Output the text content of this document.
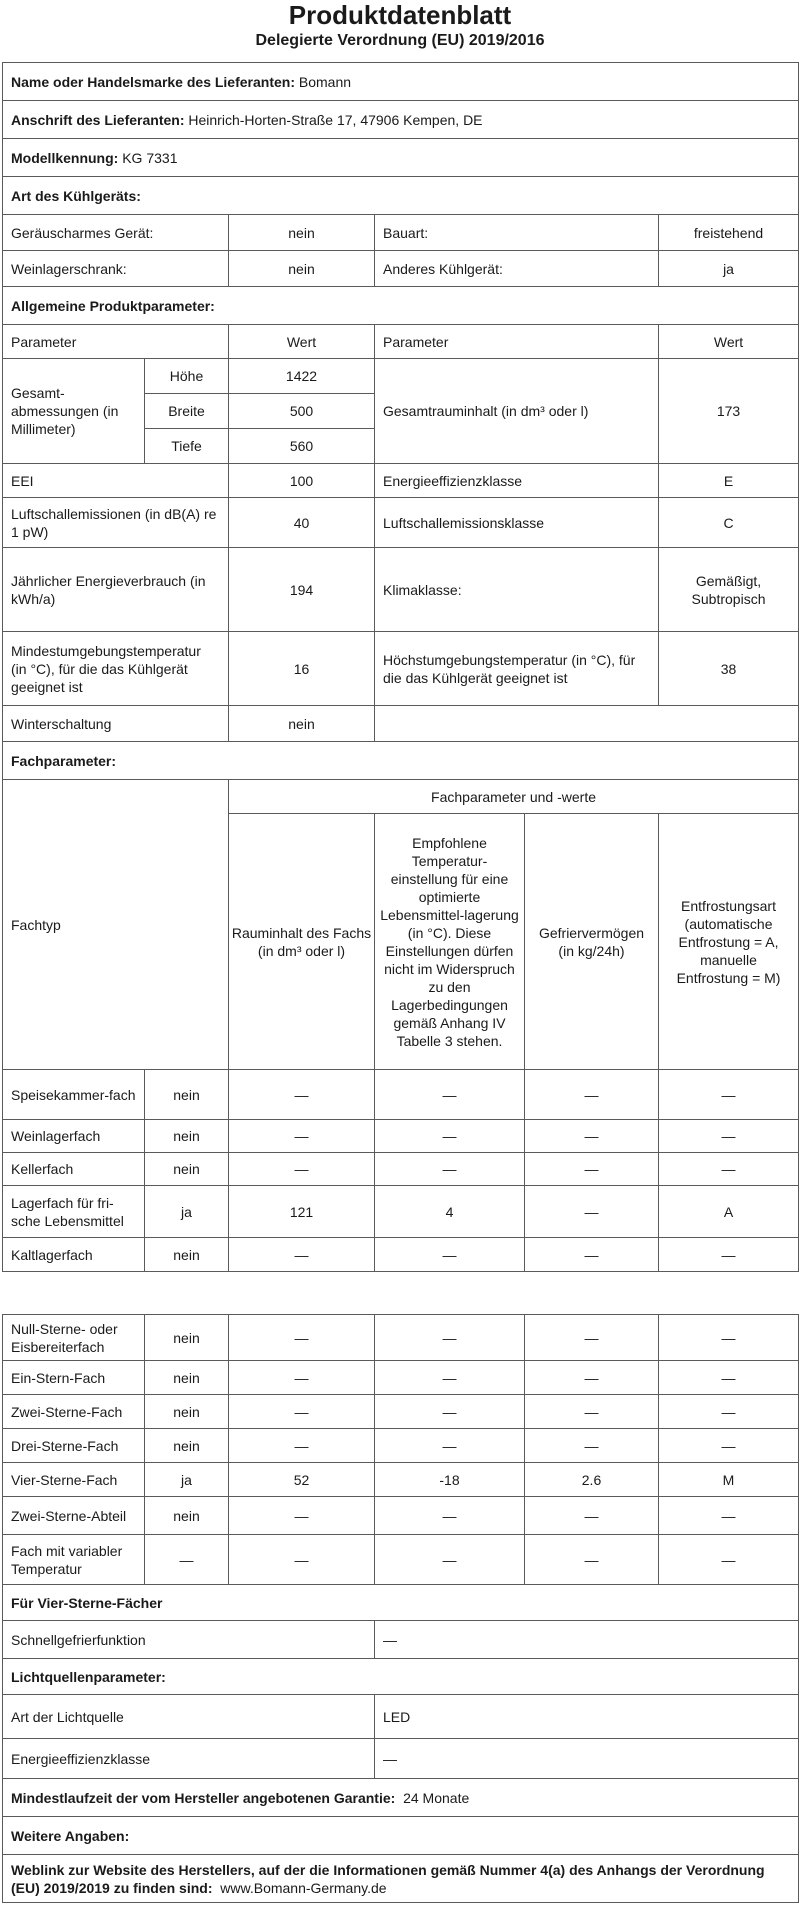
Produktdatenblatt
Delegierte Verordnung (EU) 2019/2016
Name oder Handelsmarke des Lieferanten: Bomann					
Anschrift des Lieferanten: Heinrich-Horten-Straße 17, 47906 Kempen, DE					
Modellkennung: KG 7331					
Art des Kühlgeräts:					
Geräuscharmes Gerät:		nein	Bauart:		freistehend
Weinlagerschrank:		nein	Anderes Kühlgerät:		ja
Allgemeine Produktparameter:					
Parameter		Wert	Parameter		Wert
Gesamt-abmessungen (in Millimeter)	Höhe	1422	Gesamtrauminhalt (in dm³ oder l)		173
	Breite	500			
	Tiefe	560			
EEI		100	Energieeffizienzklasse		E
Luftschallemissionen (in dB(A) re 1 pW)		40	Luftschallemissionsklasse		C
Jährlicher Energieverbrauch (in kWh/a)		194	Klimaklasse:		Gemäßigt, Subtropisch
Mindestumgebungstemperatur (in °C), für die das Kühlgerät geeignet ist		16	Höchstumgebungstemperatur (in °C), für die das Kühlgerät geeignet ist		38
Winterschaltung		nein			
Fachparameter:					
Fachtyp		Fachparameter und -werte			
		Rauminhalt des Fachs (in dm³ oder l)	Empfohlene Temperatur-einstellung für eine optimierte Lebensmittel-lagerung (in °C). Diese Einstellungen dürfen nicht im Widerspruch zu den Lagerbedingungen gemäß Anhang IV Tabelle 3 stehen.	Gefriervermögen (in kg/24h)	Entfrostungsart (automatische Entfrostung = A, manuelle Entfrostung = M)
Speisekammer-fach	nein	—	—	—	—
Weinlagerfach	nein	—	—	—	—
Kellerfach	nein	—	—	—	—
Lagerfach für fri-sche Lebensmittel	ja	121	4	—	A
Kaltlagerfach	nein	—	—	—	—
Null-Sterne- oder Eisbereiterfach	nein	—	—	—	—
Ein-Stern-Fach	nein	—	—	—	—
Zwei-Sterne-Fach	nein	—	—	—	—
Drei-Sterne-Fach	nein	—	—	—	—
Vier-Sterne-Fach	ja	52	-18	2.6	M
Zwei-Sterne-Abteil	nein	—	—	—	—
Fach mit variabler Temperatur	—	—	—	—	—
Für Vier-Sterne-Fächer					
Schnellgefrierfunktion			—		
Lichtquellenparameter:					
Art der Lichtquelle			LED		
Energieeffizienzklasse			—		
Mindestlaufzeit der vom Hersteller angebotenen Garantie: 24 Monate					
Weitere Angaben:					
Weblink zur Website des Herstellers, auf der die Informationen gemäß Nummer 4(a) des Anhangs der Verordnung (EU) 2019/2019 zu finden sind: www.Bomann-Germany.de					
